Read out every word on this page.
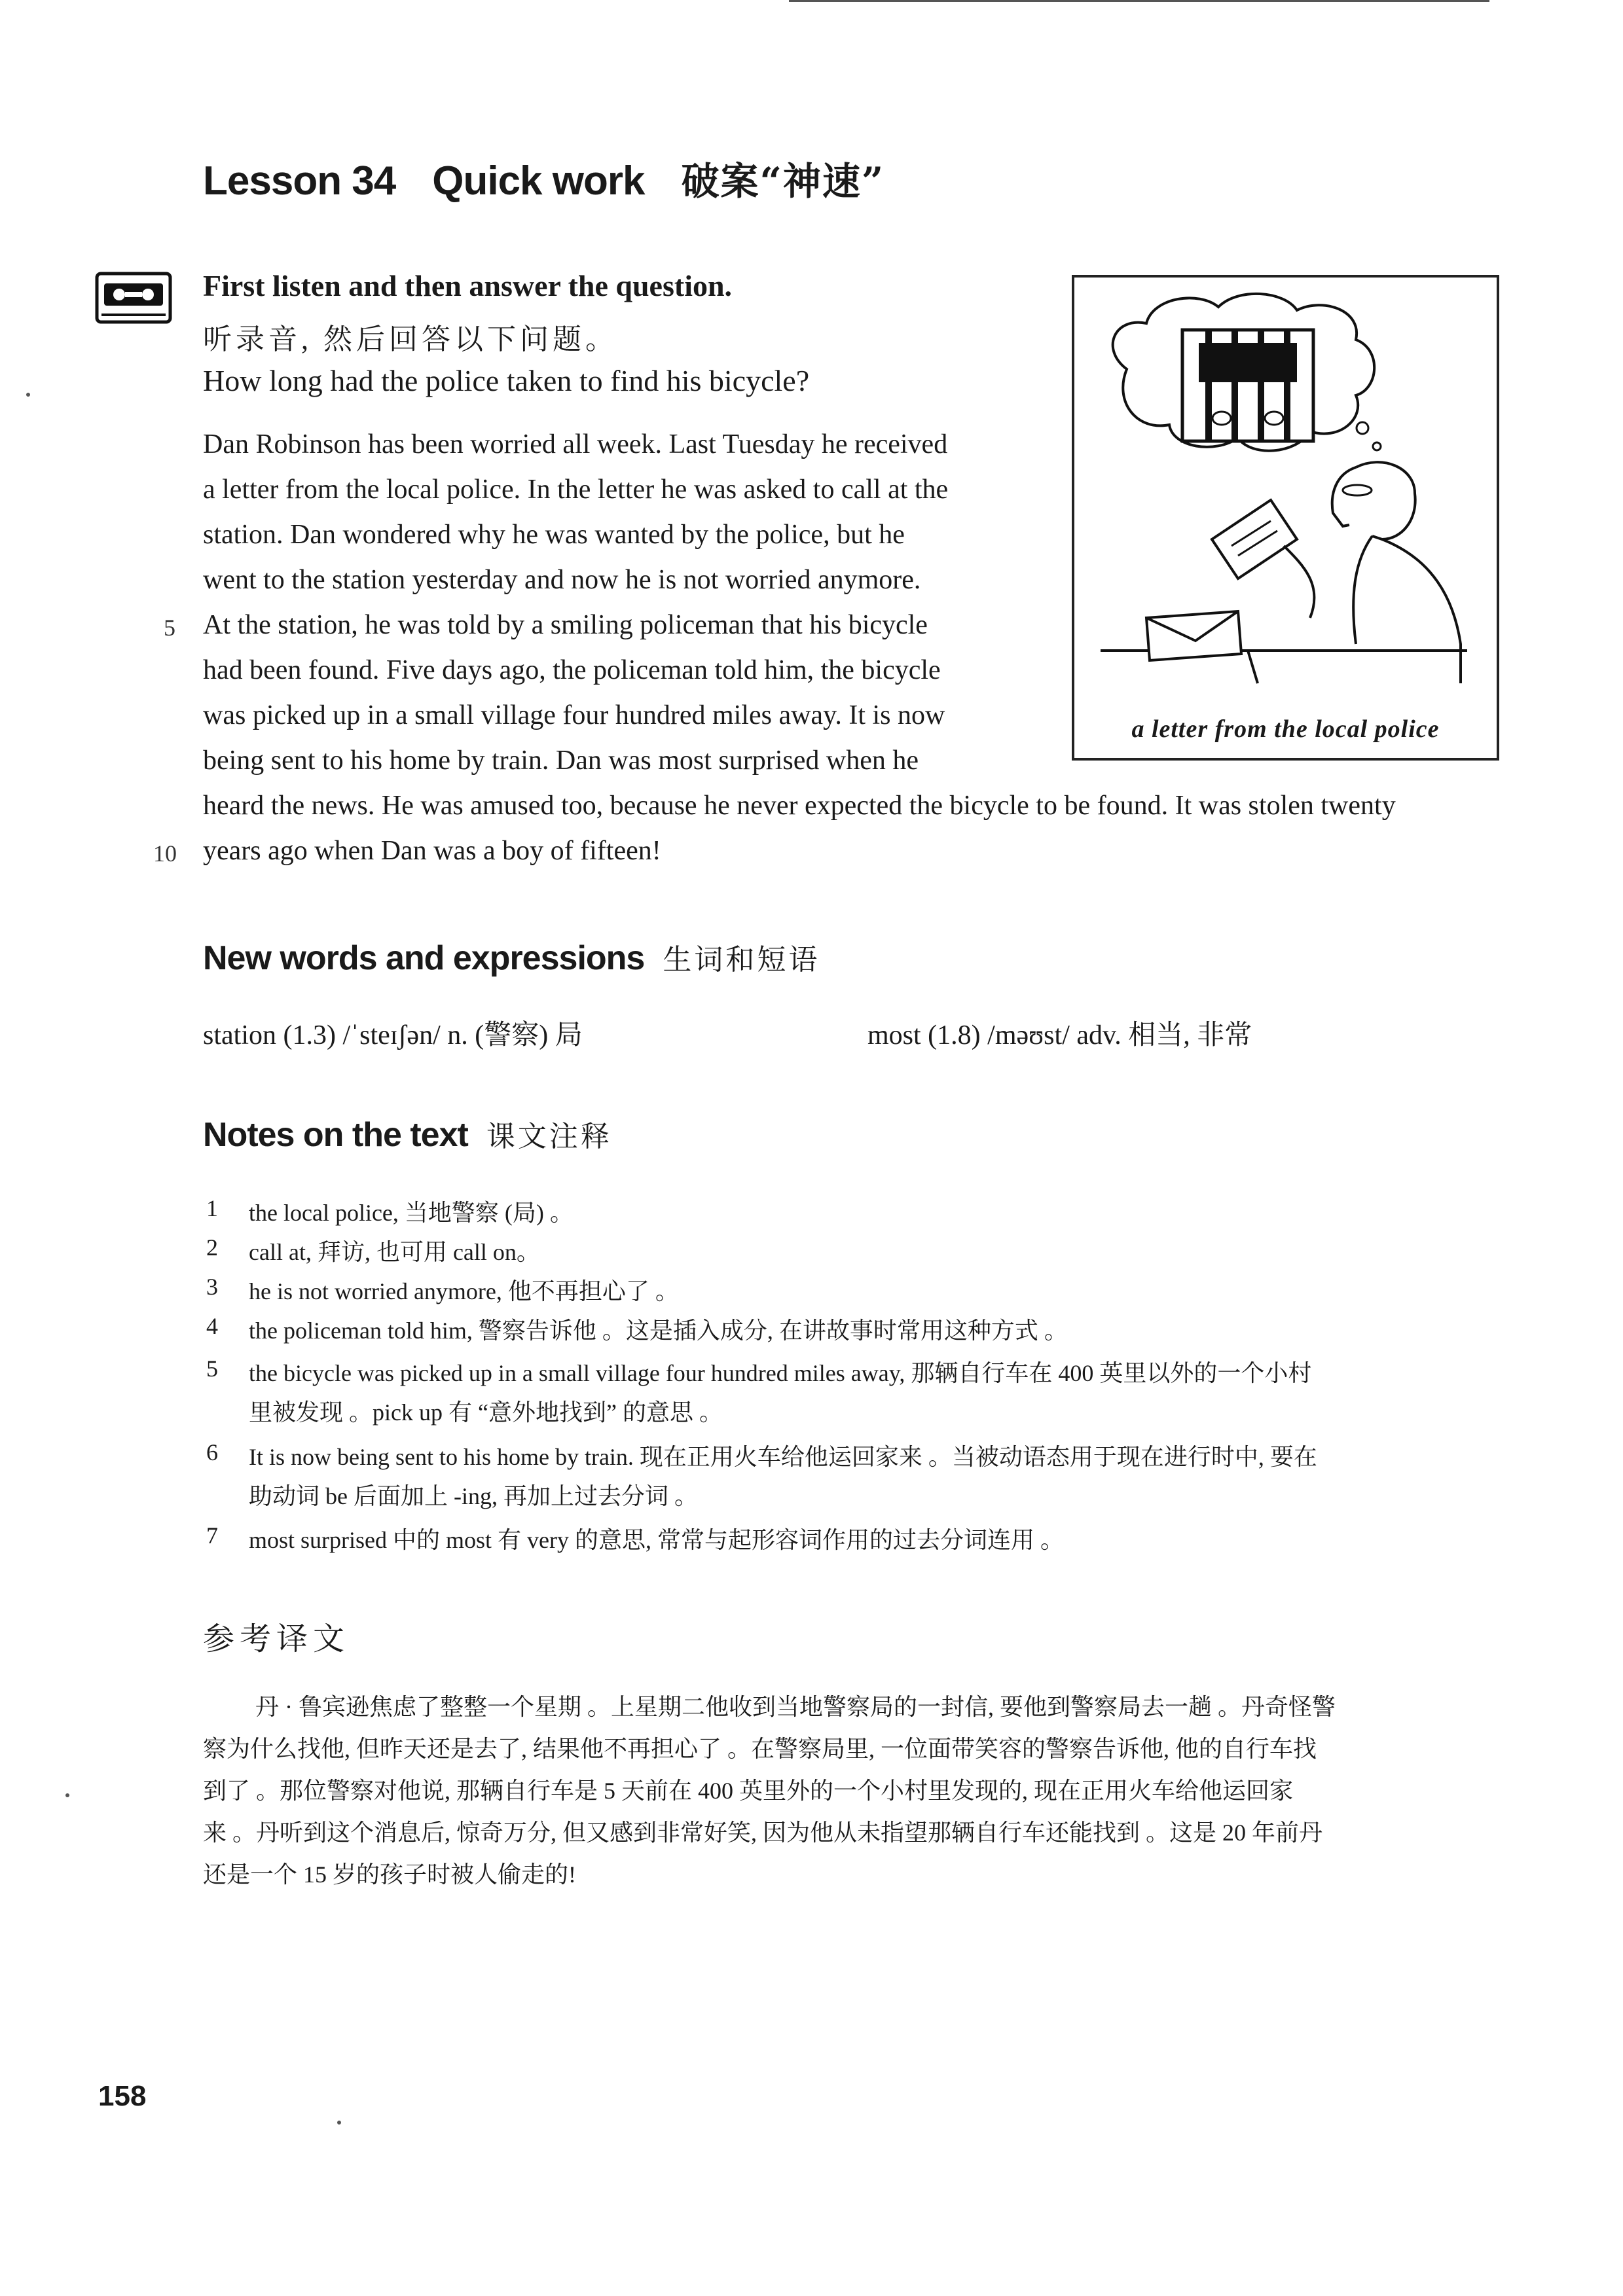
Lesson 34 Quick work 破案“神速”
First listen and then answer the question.
听录音, 然后回答以下问题。
How long had the police taken to find his bicycle?
Dan Robinson has been worried all week. Last Tuesday he received
a letter from the local police. In the letter he was asked to call at the
station. Dan wondered why he was wanted by the police, but he
went to the station yesterday and now he is not worried anymore.
5 At the station, he was told by a smiling policeman that his bicycle
had been found. Five days ago, the policeman told him, the bicycle
was picked up in a small village four hundred miles away. It is now
being sent to his home by train. Dan was most surprised when he
heard the news. He was amused too, because he never expected the bicycle to be found. It was stolen twenty
10 years ago when Dan was a boy of fifteen!
a letter from the local police
New words and expressions 生词和短语
station (1.3) /ˈsteɪʃən/ n. (警察) 局	most (1.8) /məʊst/ adv. 相当, 非常
Notes on the text 课文注释
1 the local police, 当地警察 (局) 。
2 call at, 拜访, 也可用 call on。
3 he is not worried anymore, 他不再担心了 。
4 the policeman told him, 警察告诉他 。这是插入成分, 在讲故事时常用这种方式 。
5 the bicycle was picked up in a small village four hundred miles away, 那辆自行车在 400 英里以外的一个小村
里被发现 。pick up 有 “意外地找到” 的意思 。
6 It is now being sent to his home by train. 现在正用火车给他运回家来 。当被动语态用于现在进行时中, 要在
助动词 be 后面加上 -ing, 再加上过去分词 。
7 most surprised 中的 most 有 very 的意思, 常常与起形容词作用的过去分词连用 。
参考译文
丹 · 鲁宾逊焦虑了整整一个星期 。上星期二他收到当地警察局的一封信, 要他到警察局去一趟 。丹奇怪警
察为什么找他, 但昨天还是去了, 结果他不再担心了 。在警察局里, 一位面带笑容的警察告诉他, 他的自行车找
到了 。那位警察对他说, 那辆自行车是 5 天前在 400 英里外的一个小村里发现的, 现在正用火车给他运回家
来 。丹听到这个消息后, 惊奇万分, 但又感到非常好笑, 因为他从未指望那辆自行车还能找到 。这是 20 年前丹
还是一个 15 岁的孩子时被人偷走的!
158
